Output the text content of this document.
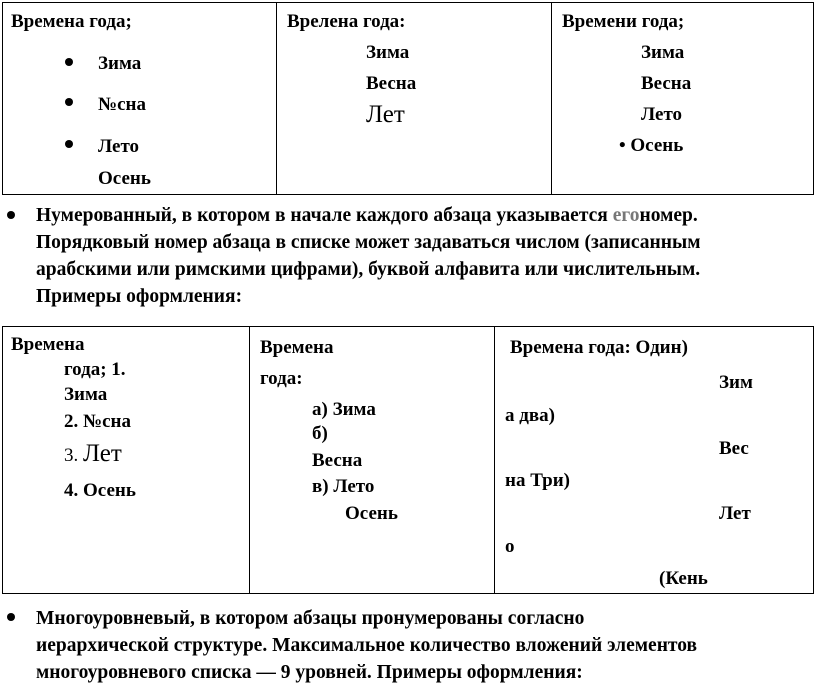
Времена года;
Зима
№сна
Лето
Осень
Врелена года:
Зима
Весна
Лет
Времени года;
Зима
Весна
Лето
• Осень
Нумерованный, в котором в начале каждого абзаца указывается егономер.
Порядковый номер абзаца в списке может задаваться числом (записанным
арабскими или римскими цифрами), буквой алфавита или числительным.
Примеры оформления:
Времена
года; 1.
Зима
2. №сна
3. Лет
4. Осень
Времена
года:
а) Зима
б)
Весна
в) Лето
Осень
Времена года: Один)
Зим
а два)
Вес
на Три)
Лет
о
(Кень
Многоуровневый, в котором абзацы пронумерованы согласно
иерархической структуре. Максимальное количество вложений элементов
многоуровневого списка — 9 уровней. Примеры оформления:
